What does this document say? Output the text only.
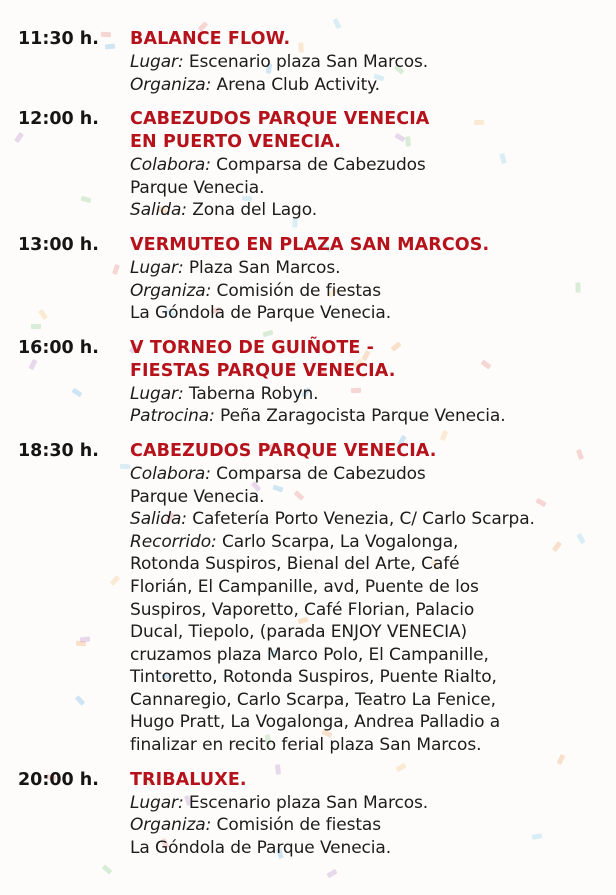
11:30 h. BALANCE FLOW.
Lugar: Escenario plaza San Marcos.
Organiza: Arena Club Activity.
12:00 h. CABEZUDOS PARQUE VENECIA
EN PUERTO VENECIA.
Colabora: Comparsa de Cabezudos
Parque Venecia.
Salida: Zona del Lago.
13:00 h. VERMUTEO EN PLAZA SAN MARCOS.
Lugar: Plaza San Marcos.
Organiza: Comisión de fiestas
La Góndola de Parque Venecia.
16:00 h. V TORNEO DE GUIÑOTE -
FIESTAS PARQUE VENECIA.
Lugar: Taberna Robyn.
Patrocina: Peña Zaragocista Parque Venecia.
18:30 h. CABEZUDOS PARQUE VENECIA.
Colabora: Comparsa de Cabezudos
Parque Venecia.
Salida: Cafetería Porto Venezia, C/ Carlo Scarpa.
Recorrido: Carlo Scarpa, La Vogalonga,
Rotonda Suspiros, Bienal del Arte, Café
Florián, El Campanille, avd, Puente de los
Suspiros, Vaporetto, Café Florian, Palacio
Ducal, Tiepolo, (parada ENJOY VENECIA)
cruzamos plaza Marco Polo, El Campanille,
Tintoretto, Rotonda Suspiros, Puente Rialto,
Cannaregio, Carlo Scarpa, Teatro La Fenice,
Hugo Pratt, La Vogalonga, Andrea Palladio a
finalizar en recito ferial plaza San Marcos.
20:00 h. TRIBALUXE.
Lugar: Escenario plaza San Marcos.
Organiza: Comisión de fiestas
La Góndola de Parque Venecia.
